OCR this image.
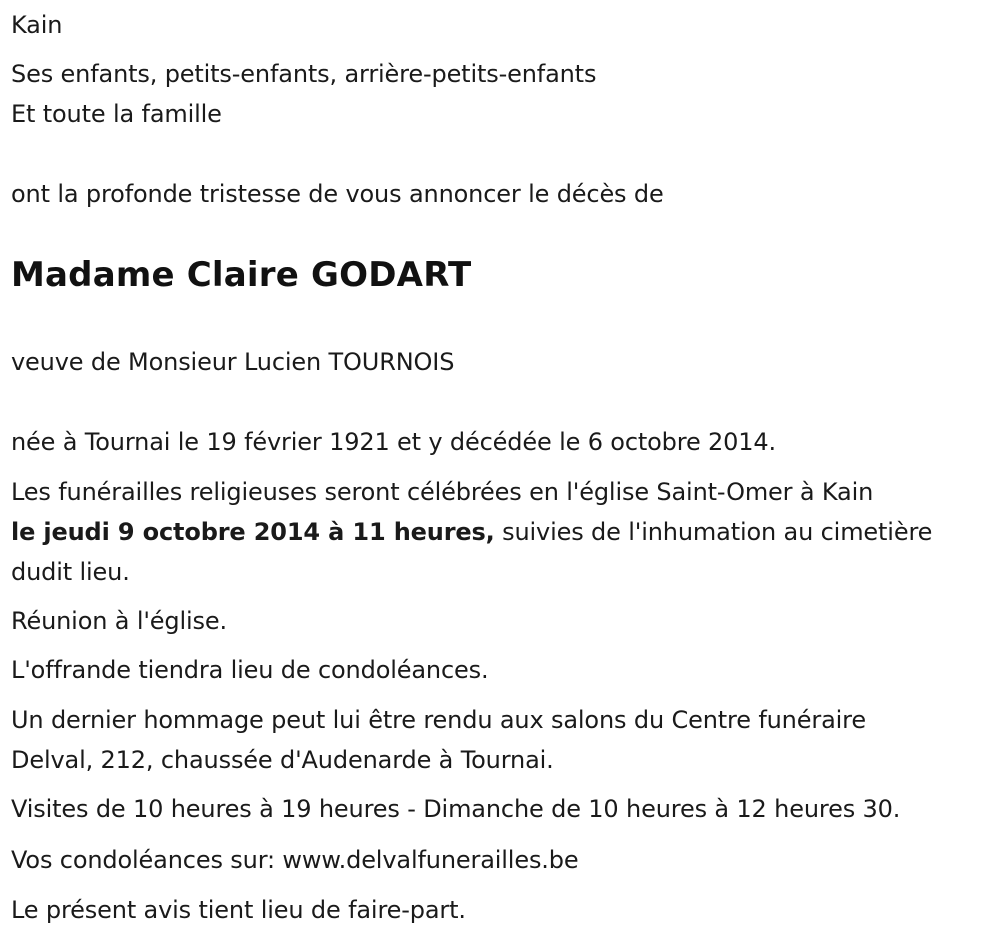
Kain
Ses enfants, petits-enfants, arrière-petits-enfants
Et toute la famille
ont la profonde tristesse de vous annoncer le décès de
Madame Claire GODART
veuve de Monsieur Lucien TOURNOIS
née à Tournai le 19 février 1921 et y décédée le 6 octobre 2014.
Les funérailles religieuses seront célébrées en l'église Saint-Omer à Kain
le jeudi 9 octobre 2014 à 11 heures, suivies de l'inhumation au cimetière
dudit lieu.
Réunion à l'église.
L'offrande tiendra lieu de condoléances.
Un dernier hommage peut lui être rendu aux salons du Centre funéraire
Delval, 212, chaussée d'Audenarde à Tournai.
Visites de 10 heures à 19 heures - Dimanche de 10 heures à 12 heures 30.
Vos condoléances sur: www.delvalfunerailles.be
Le présent avis tient lieu de faire-part.
